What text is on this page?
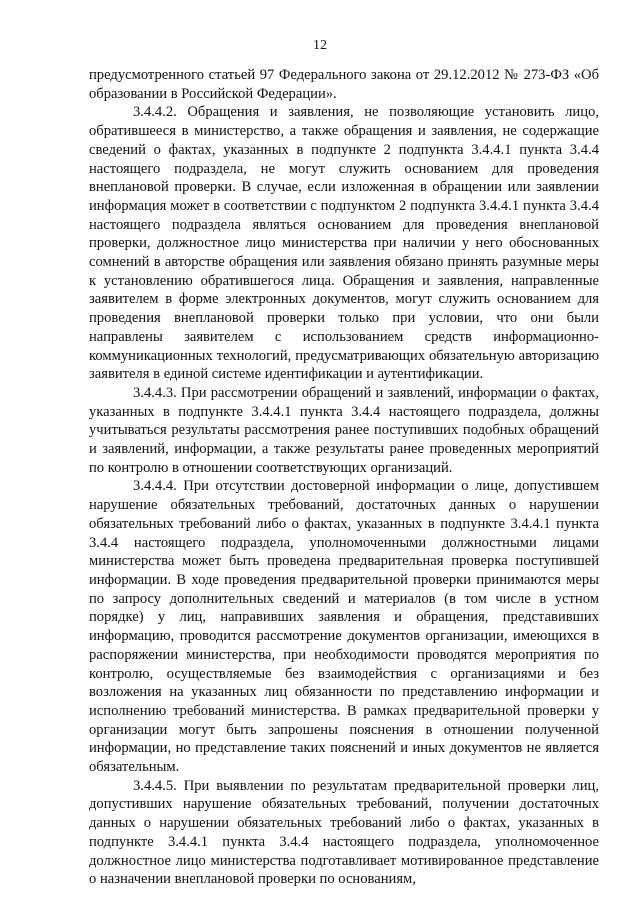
12

предусмотренного статьей 97 Федерального закона от 29.12.2012 № 273-ФЗ «Об образовании в Российской Федерации».

3.4.4.2. Обращения и заявления, не позволяющие установить лицо, обратившееся в министерство, а также обращения и заявления, не содержащие сведений о фактах, указанных в подпункте 2 подпункта 3.4.4.1 пункта 3.4.4 настоящего подраздела, не могут служить основанием для проведения внеплановой проверки. В случае, если изложенная в обращении или заявлении информация может в соответствии с подпунктом 2 подпункта 3.4.4.1 пункта 3.4.4 настоящего подраздела являться основанием для проведения внеплановой проверки, должностное лицо министерства при наличии у него обоснованных сомнений в авторстве обращения или заявления обязано принять разумные меры к установлению обратившегося лица. Обращения и заявления, направленные заявителем в форме электронных документов, могут служить основанием для проведения внеплановой проверки только при условии, что они были направлены заявителем с использованием средств информационно-коммуникационных технологий, предусматривающих обязательную авторизацию заявителя в единой системе идентификации и аутентификации.

3.4.4.3. При рассмотрении обращений и заявлений, информации о фактах, указанных в подпункте 3.4.4.1 пункта 3.4.4 настоящего подраздела, должны учитываться результаты рассмотрения ранее поступивших подобных обращений и заявлений, информации, а также результаты ранее проведенных мероприятий по контролю в отношении соответствующих организаций.

3.4.4.4. При отсутствии достоверной информации о лице, допустившем нарушение обязательных требований, достаточных данных о нарушении обязательных требований либо о фактах, указанных в подпункте 3.4.4.1 пункта 3.4.4 настоящего подраздела, уполномоченными должностными лицами министерства может быть проведена предварительная проверка поступившей информации. В ходе проведения предварительной проверки принимаются меры по запросу дополнительных сведений и материалов (в том числе в устном порядке) у лиц, направивших заявления и обращения, представивших информацию, проводится рассмотрение документов организации, имеющихся в распоряжении министерства, при необходимости проводятся мероприятия по контролю, осуществляемые без взаимодействия с организациями и без возложения на указанных лиц обязанности по представлению информации и исполнению требований министерства. В рамках предварительной проверки у организации могут быть запрошены пояснения в отношении полученной информации, но представление таких пояснений и иных документов не является обязательным.

3.4.4.5. При выявлении по результатам предварительной проверки лиц, допустивших нарушение обязательных требований, получении достаточных данных о нарушении обязательных требований либо о фактах, указанных в подпункте 3.4.4.1 пункта 3.4.4 настоящего подраздела, уполномоченное должностное лицо министерства подготавливает мотивированное представление о назначении внеплановой проверки по основаниям,
